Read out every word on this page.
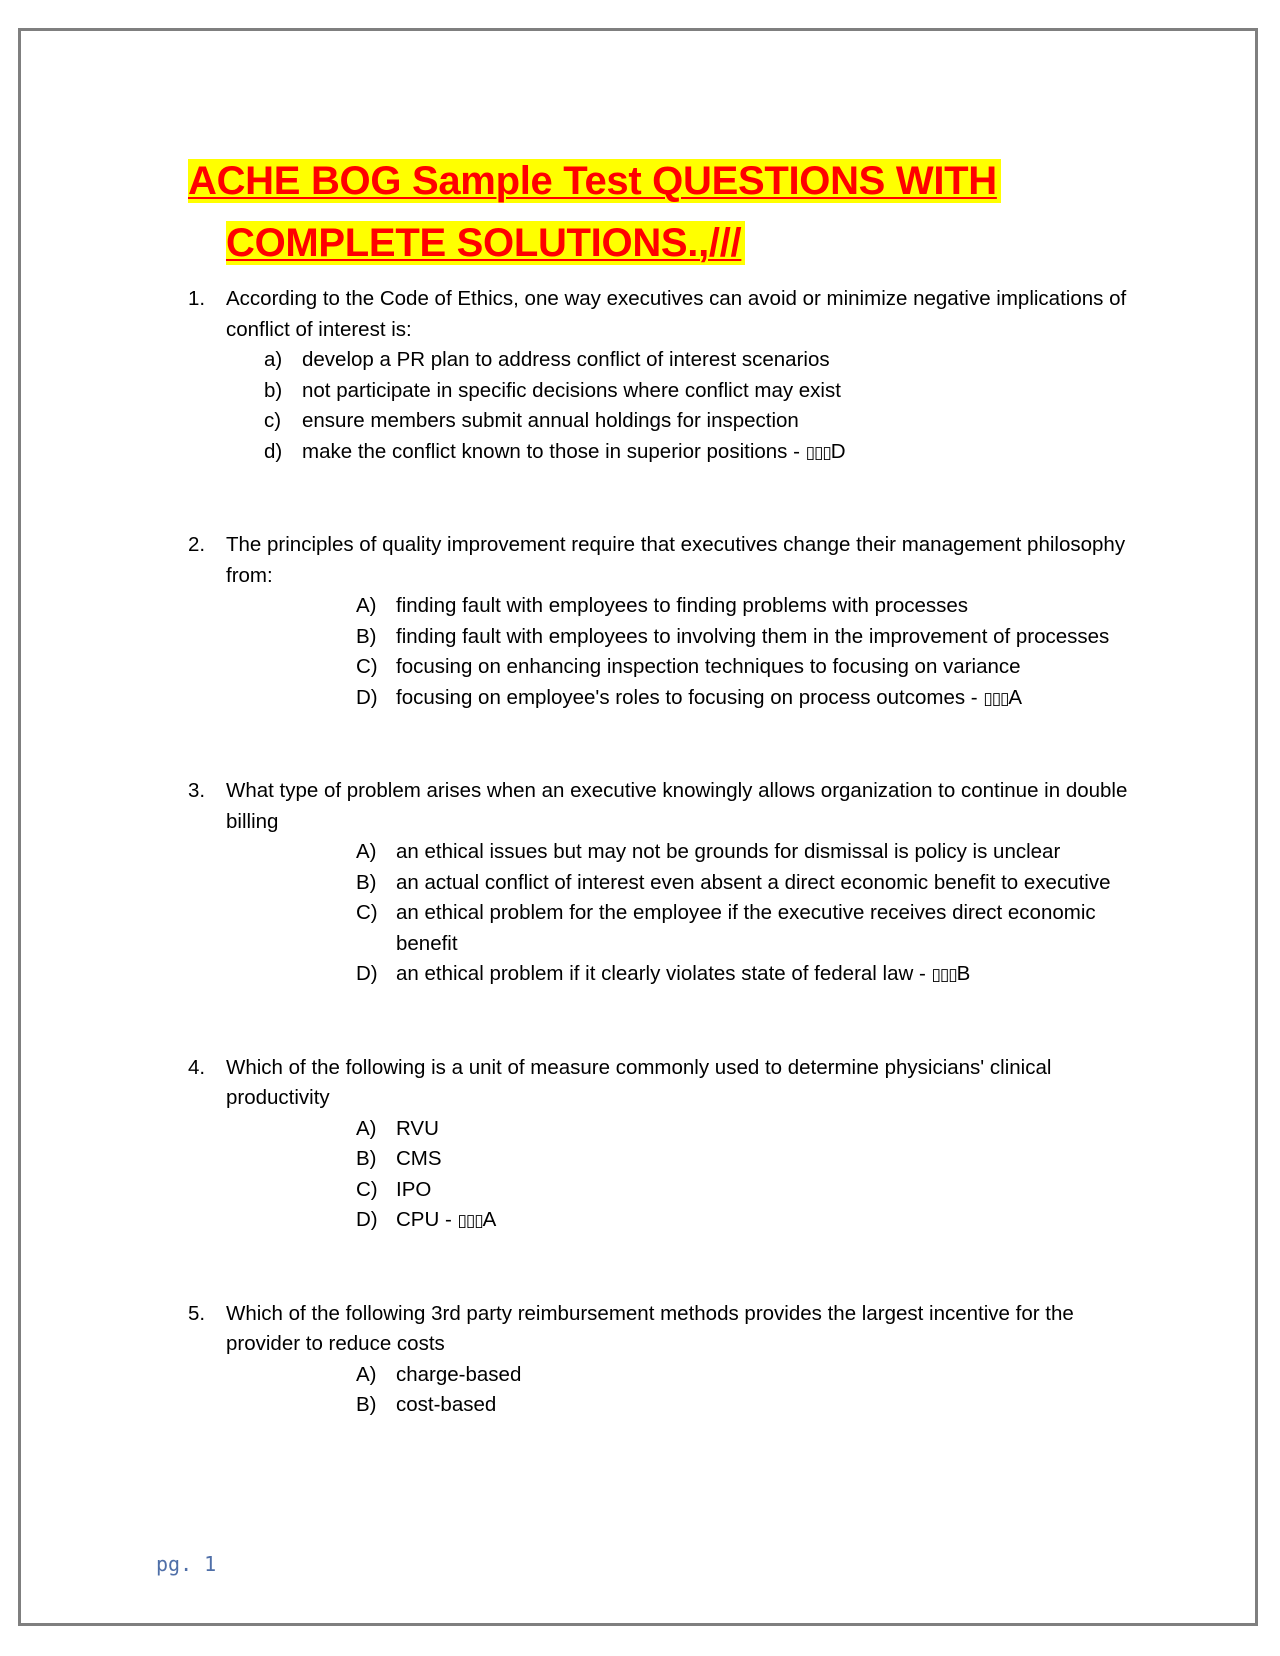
ACHE BOG Sample Test QUESTIONS WITH
COMPLETE SOLUTIONS.,///
1. According to the Code of Ethics, one way executives can avoid or minimize negative implications of conflict of interest is:
a) develop a PR plan to address conflict of interest scenarios
b) not participate in specific decisions where conflict may exist
c) ensure members submit annual holdings for inspection
d) make the conflict known to those in superior positions - ▯▯▯D
2. The principles of quality improvement require that executives change their management philosophy from:
A) finding fault with employees to finding problems with processes
B) finding fault with employees to involving them in the improvement of processes
C) focusing on enhancing inspection techniques to focusing on variance
D) focusing on employee's roles to focusing on process outcomes - ▯▯▯A
3. What type of problem arises when an executive knowingly allows organization to continue in double billing
A) an ethical issues but may not be grounds for dismissal is policy is unclear
B) an actual conflict of interest even absent a direct economic benefit to executive
C) an ethical problem for the employee if the executive receives direct economic benefit
D) an ethical problem if it clearly violates state of federal law - ▯▯▯B
4. Which of the following is a unit of measure commonly used to determine physicians' clinical productivity
A) RVU
B) CMS
C) IPO
D) CPU - ▯▯▯A
5. Which of the following 3rd party reimbursement methods provides the largest incentive for the provider to reduce costs
A) charge-based
B) cost-based
pg. 1
